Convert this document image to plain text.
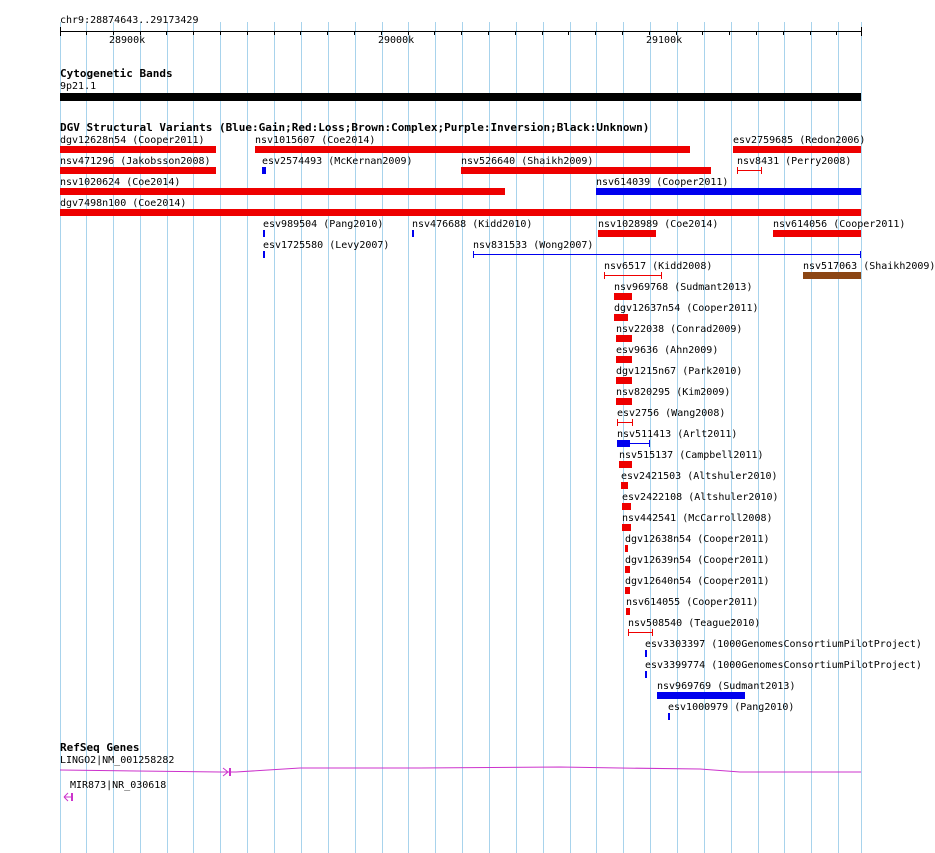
chr9:28874643..29173429
28900k	29000k	29100k
Cytogenetic Bands
9p21.1
DGV Structural Variants (Blue:Gain;Red:Loss;Brown:Complex;Purple:Inversion;Black:Unknown)
dgv12628n54 (Cooper2011)	nsv1015607 (Coe2014)	esv2759685 (Redon2006)
nsv471296 (Jakobsson2008)	esv2574493 (McKernan2009)	nsv526640 (Shaikh2009)	nsv8431 (Perry2008)
nsv1020624 (Coe2014)	nsv614039 (Cooper2011)
dgv7498n100 (Coe2014)
esv989504 (Pang2010)	nsv476688 (Kidd2010)	nsv1028989 (Coe2014)	nsv614056 (Cooper2011)
esv1725580 (Levy2007)	nsv831533 (Wong2007)
nsv6517 (Kidd2008)	nsv517063 (Shaikh2009)
nsv969768 (Sudmant2013)
dgv12637n54 (Cooper2011)
nsv22038 (Conrad2009)
esv9636 (Ahn2009)
dgv1215n67 (Park2010)
nsv820295 (Kim2009)
esv2756 (Wang2008)
nsv511413 (Arlt2011)
nsv515137 (Campbell2011)
esv2421503 (Altshuler2010)
esv2422108 (Altshuler2010)
nsv442541 (McCarroll2008)
dgv12638n54 (Cooper2011)
dgv12639n54 (Cooper2011)
dgv12640n54 (Cooper2011)
nsv614055 (Cooper2011)
nsv508540 (Teague2010)
esv3303397 (1000GenomesConsortiumPilotProject)
esv3399774 (1000GenomesConsortiumPilotProject)
nsv969769 (Sudmant2013)
esv1000979 (Pang2010)
RefSeq Genes
LINGO2|NM_001258282
MIR873|NR_030618
